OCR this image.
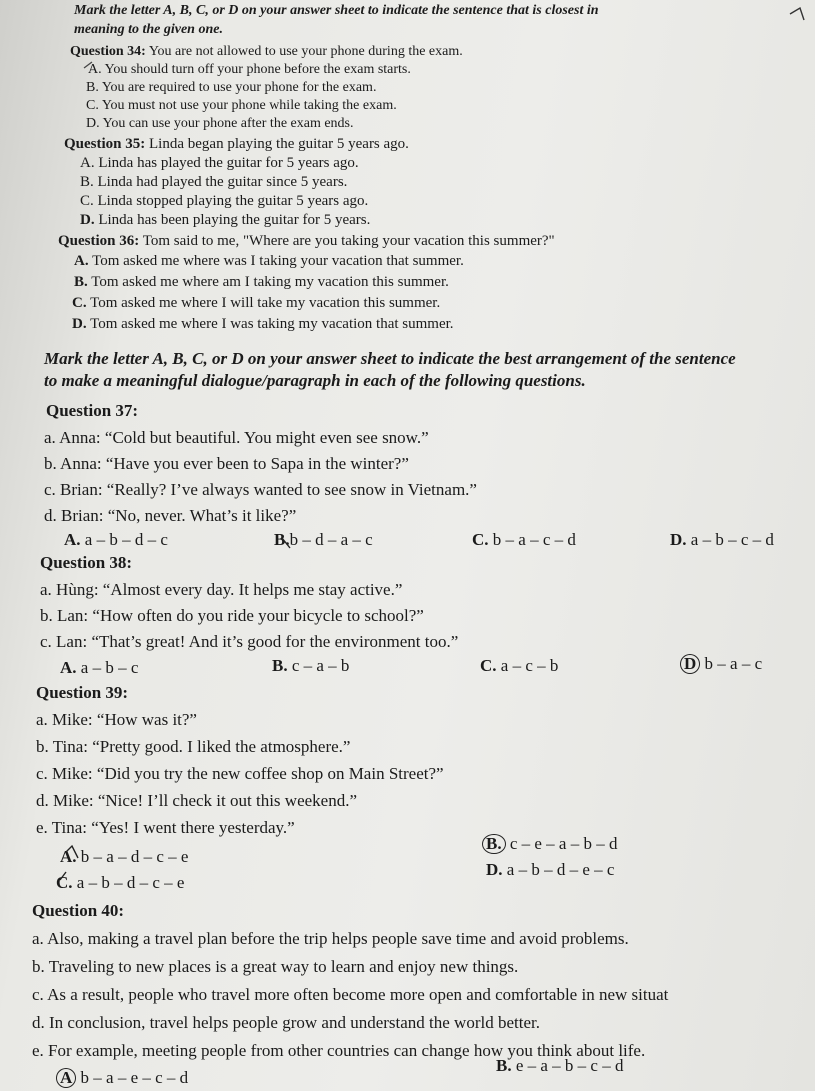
Mark the letter A, B, C, or D on your answer sheet to indicate the sentence that is closest in
meaning to the given one.
Question 34: You are not allowed to use your phone during the exam.
A. You should turn off your phone before the exam starts.
B. You are required to use your phone for the exam.
C. You must not use your phone while taking the exam.
D. You can use your phone after the exam ends.
Question 35: Linda began playing the guitar 5 years ago.
A. Linda has played the guitar for 5 years ago.
B. Linda had played the guitar since 5 years.
C. Linda stopped playing the guitar 5 years ago.
D. Linda has been playing the guitar for 5 years.
Question 36: Tom said to me, "Where are you taking your vacation this summer?"
A. Tom asked me where was I taking your vacation that summer.
B. Tom asked me where am I taking my vacation this summer.
C. Tom asked me where I will take my vacation this summer.
D. Tom asked me where I was taking my vacation that summer.
Mark the letter A, B, C, or D on your answer sheet to indicate the best arrangement of the sentence
to make a meaningful dialogue/paragraph in each of the following questions.
Question 37:
a. Anna: “Cold but beautiful. You might even see snow.”
b. Anna: “Have you ever been to Sapa in the winter?”
c. Brian: “Really? I’ve always wanted to see snow in Vietnam.”
d. Brian: “No, never. What’s it like?”
A. a – b – d – c	B.b – d – a – c	C. b – a – c – d	D. a – b – c – d
Question 38:
a. Hùng: “Almost every day. It helps me stay active.”
b. Lan: “How often do you ride your bicycle to school?”
c. Lan: “That’s great! And it’s good for the environment too.”
A. a – b – c	B. c – a – b	C. a – c – b	D b – a – c
Question 39:
a. Mike: “How was it?”
b. Tina: “Pretty good. I liked the atmosphere.”
c. Mike: “Did you try the new coffee shop on Main Street?”
d. Mike: “Nice! I’ll check it out this weekend.”
e. Tina: “Yes! I went there yesterday.”
A. b – a – d – c – e
B. c – e – a – b – d
C. a – b – d – c – e
D. a – b – d – e – c
Question 40:
a. Also, making a travel plan before the trip helps people save time and avoid problems.
b. Traveling to new places is a great way to learn and enjoy new things.
c. As a result, people who travel more often become more open and comfortable in new situat
d. In conclusion, travel helps people grow and understand the world better.
e. For example, meeting people from other countries can change how you think about life.
A b – a – e – c – d
B. e – a – b – c – d
